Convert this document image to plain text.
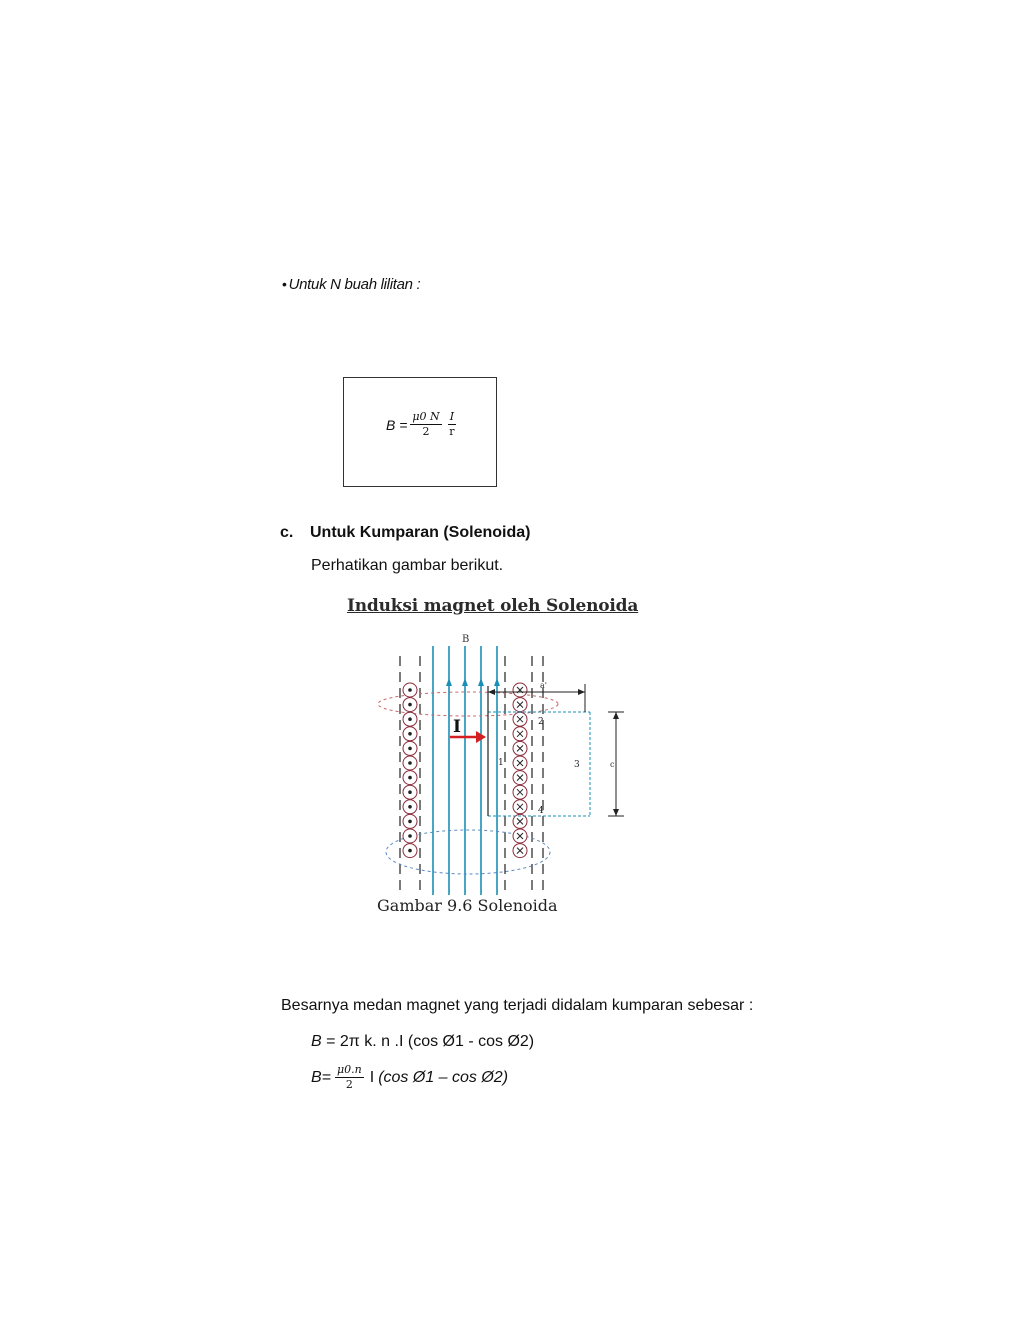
• Untuk N buah lilitan :
$B = \frac{\mu 0 N}{2} \frac{I}{r}$
c. Untuk Kumparan (Solenoida)
Perhatikan gambar berikut.
Induksi magnet oleh Solenoida
I
B
a'
c
1
2
3
4
Gambar 9.6 Solenoida
Besarnya medan magnet yang terjadi didalam kumparan sebesar :
B = 2π k. n .I (cos Ø1 - cos Ø2)
$B= \frac{\mu 0.n}{2}$ I (cos Ø1 – cos Ø2)
